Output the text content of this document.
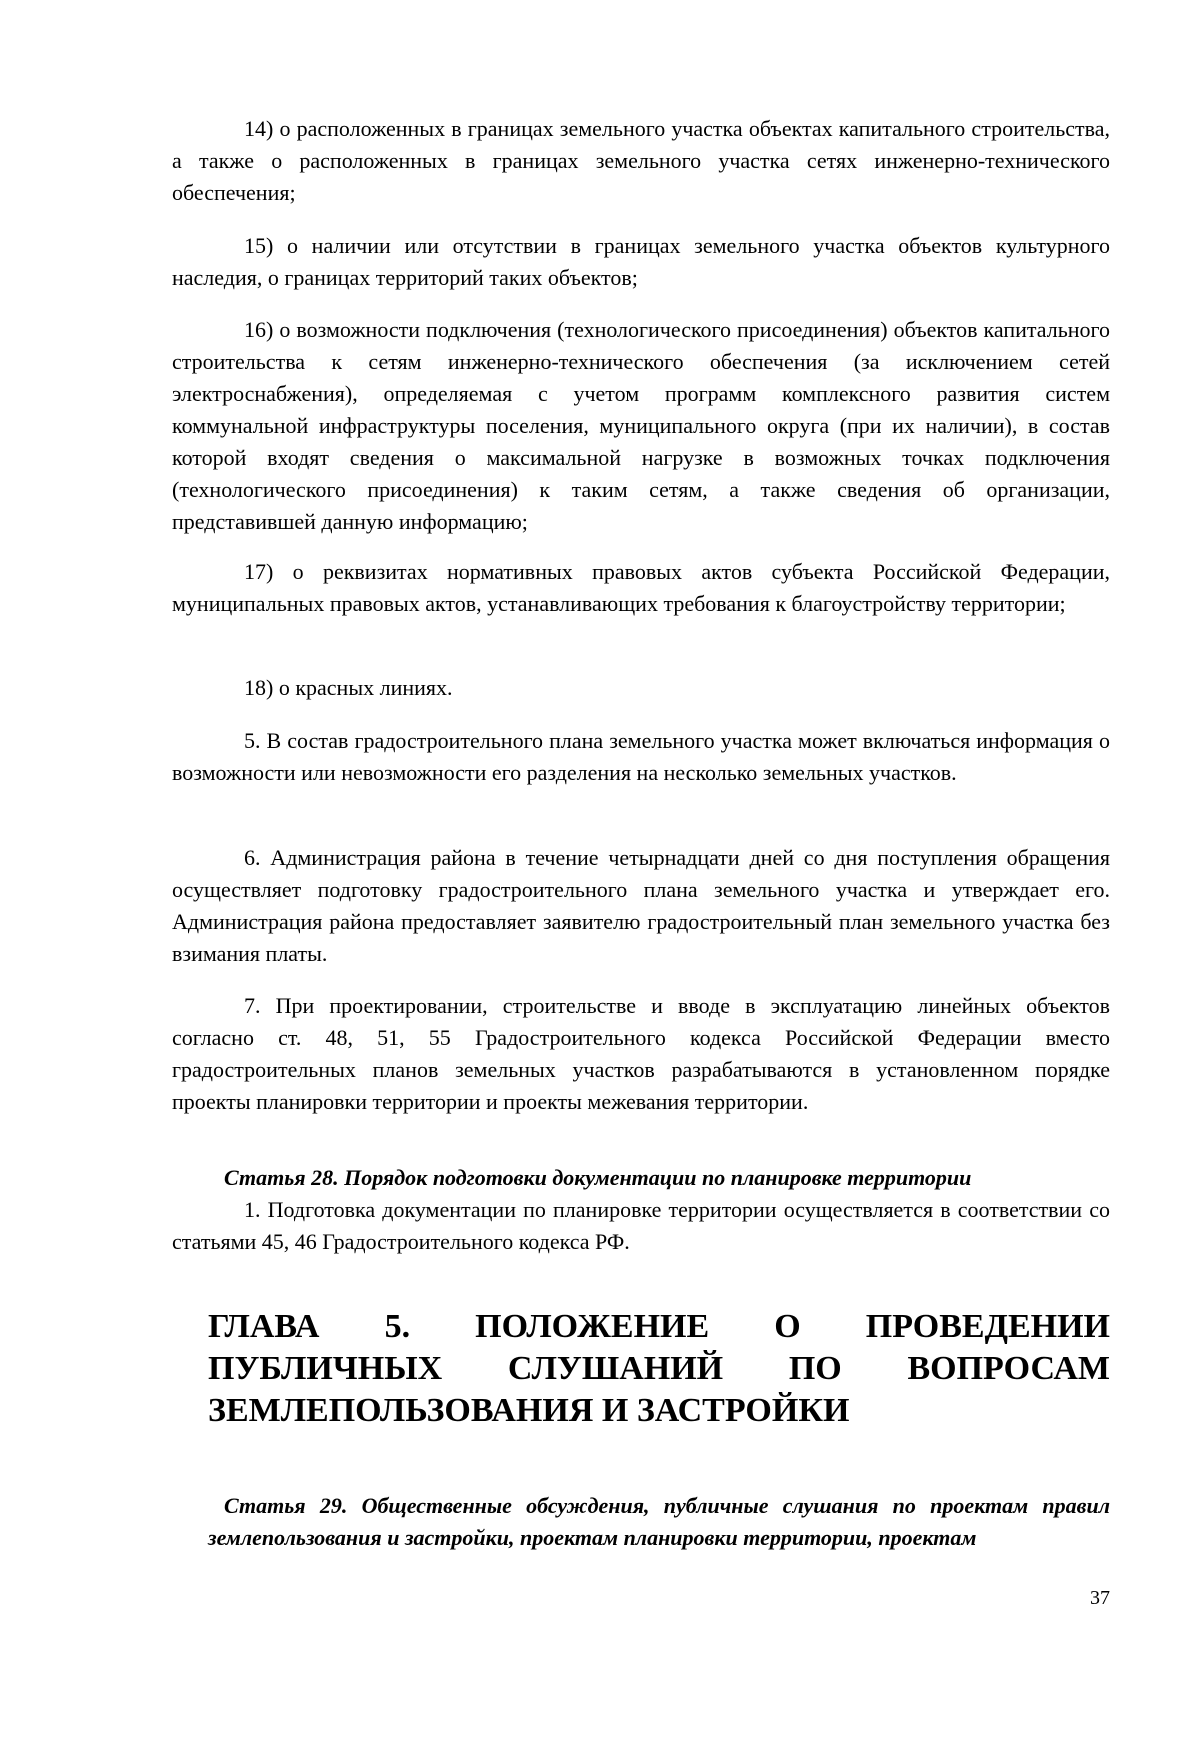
14) о расположенных в границах земельного участка объектах капитального строительства, а также о расположенных в границах земельного участка сетях инженерно-технического обеспечения;

15) о наличии или отсутствии в границах земельного участка объектов культурного наследия, о границах территорий таких объектов;

16) о возможности подключения (технологического присоединения) объектов капитального строительства к сетям инженерно-технического обеспечения (за исключением сетей электроснабжения), определяемая с учетом программ комплексного развития систем коммунальной инфраструктуры поселения, муниципального округа (при их наличии), в состав которой входят сведения о максимальной нагрузке в возможных точках подключения (технологического присоединения) к таким сетям, а также сведения об организации, представившей данную информацию;

17) о реквизитах нормативных правовых актов субъекта Российской Федерации, муниципальных правовых актов, устанавливающих требования к благоустройству территории;

18) о красных линиях.

5. В состав градостроительного плана земельного участка может включаться информация о возможности или невозможности его разделения на несколько земельных участков.

6. Администрация района в течение четырнадцати дней со дня поступления обращения осуществляет подготовку градостроительного плана земельного участка и утверждает его. Администрация района предоставляет заявителю градостроительный план земельного участка без взимания платы.

7. При проектировании, строительстве и вводе в эксплуатацию линейных объектов согласно ст. 48, 51, 55 Градостроительного кодекса Российской Федерации вместо градостроительных планов земельных участков разрабатываются в установленном порядке проекты планировки территории и проекты межевания территории.

Статья 28. Порядок подготовки документации по планировке территории

1. Подготовка документации по планировке территории осуществляется в соответствии со статьями 45, 46 Градостроительного кодекса РФ.

ГЛАВА 5. ПОЛОЖЕНИЕ О ПРОВЕДЕНИИ ПУБЛИЧНЫХ СЛУШАНИЙ ПО ВОПРОСАМ ЗЕМЛЕПОЛЬЗОВАНИЯ И ЗАСТРОЙКИ

Статья 29. Общественные обсуждения, публичные слушания по проектам правил землепользования и застройки, проектам планировки территории, проектам

37
